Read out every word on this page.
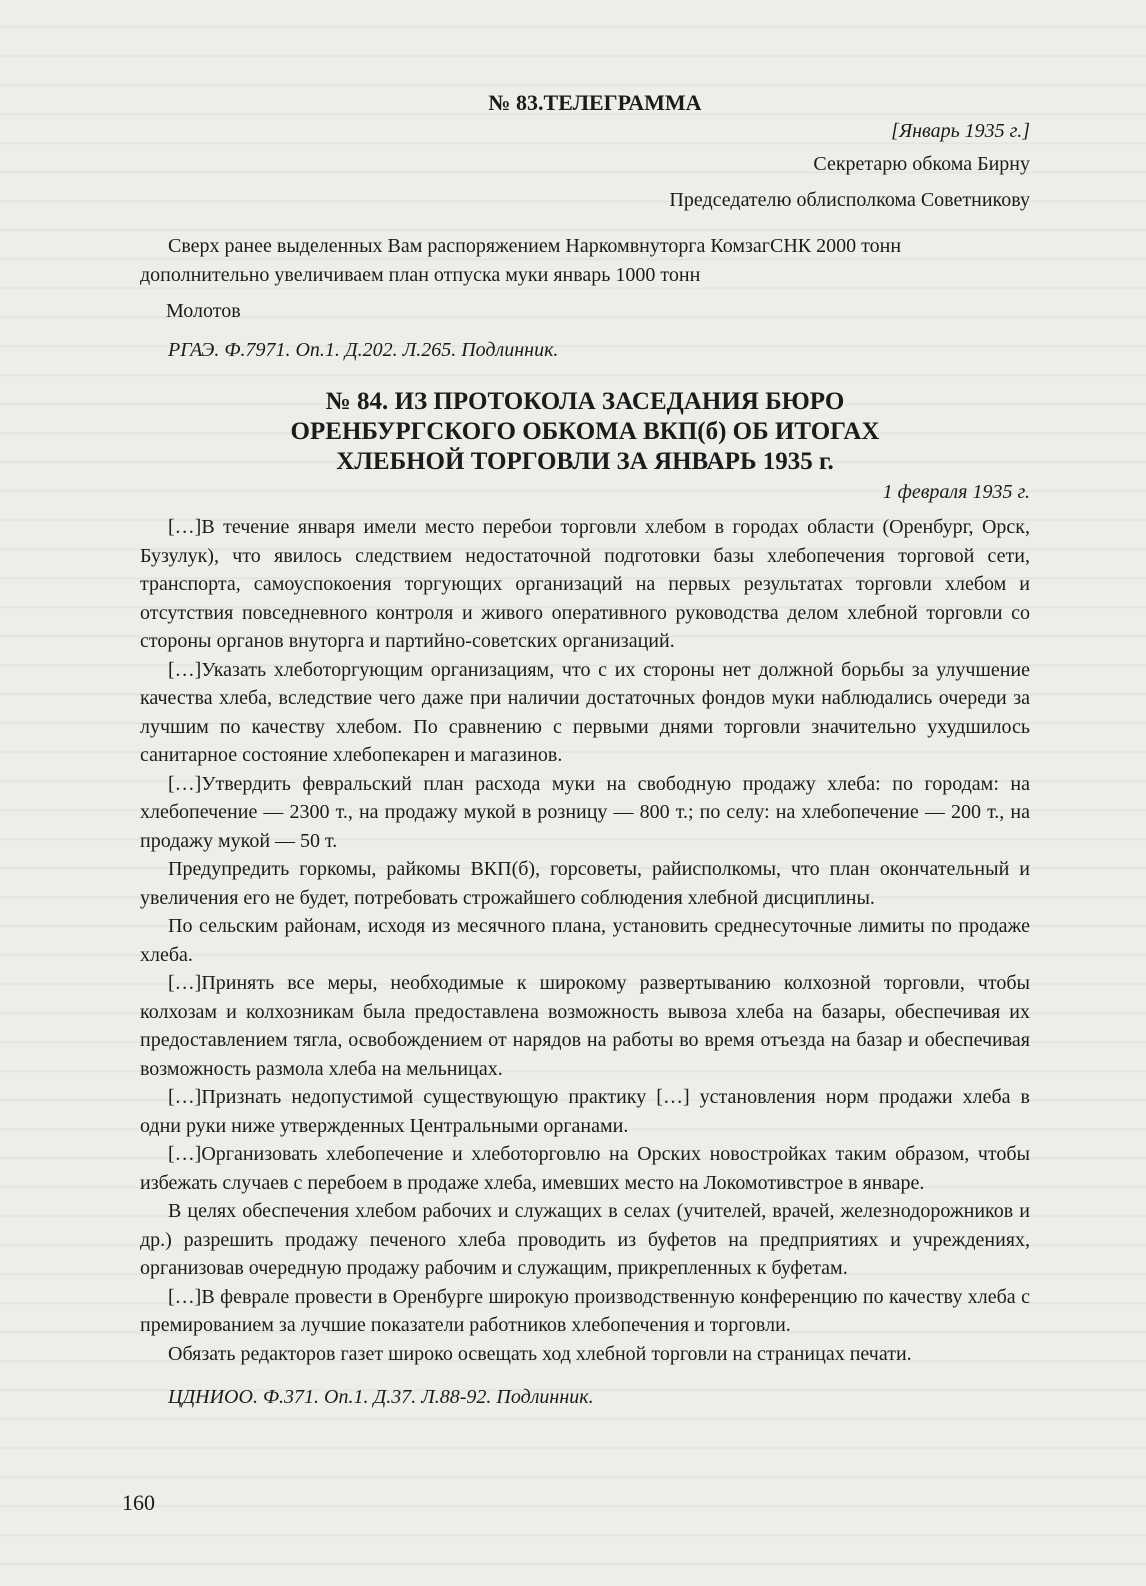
№ 83.ТЕЛЕГРАММА

[Январь 1935 г.]

Секретарю обкома Бирну

Председателю облисполкома Советникову

Сверх ранее выделенных Вам распоряжением Наркомвнуторга КомзагСНК 2000 тонн

дополнительно увеличиваем план отпуска муки январь 1000 тонн

Молотов

РГАЭ. Ф.7971. Оп.1. Д.202. Л.265. Подлинник.

№ 84. ИЗ ПРОТОКОЛА ЗАСЕДАНИЯ БЮРО
ОРЕНБУРГСКОГО ОБКОМА ВКП(б) ОБ ИТОГАХ
ХЛЕБНОЙ ТОРГОВЛИ ЗА ЯНВАРЬ 1935 г.

1 февраля 1935 г.

[…]В течение января имели место перебои торговли хлебом в городах области (Оренбург, Орск, Бузулук), что явилось следствием недостаточной подготовки базы хлебопечения торговой сети, транспорта, самоуспокоения торгующих организаций на первых результатах торговли хлебом и отсутствия повседневного контроля и живого оперативного руководства делом хлебной торговли со стороны органов внуторга и партийно-советских организаций.

[…]Указать хлеботоргующим организациям, что с их стороны нет должной борьбы за улучшение качества хлеба, вследствие чего даже при наличии достаточных фондов муки наблюдались очереди за лучшим по качеству хлебом. По сравнению с первыми днями торговли значительно ухудшилось санитарное состояние хлебопекарен и магазинов.

[…]Утвердить февральский план расхода муки на свободную продажу хлеба: по городам: на хлебопечение — 2300 т., на продажу мукой в розницу — 800 т.; по селу: на хлебопечение — 200 т., на продажу мукой — 50 т.

Предупредить горкомы, райкомы ВКП(б), горсоветы, райисполкомы, что план окончательный и увеличения его не будет, потребовать строжайшего соблюдения хлебной дисциплины.

По сельским районам, исходя из месячного плана, установить среднесуточные лимиты по продаже хлеба.

[…]Принять все меры, необходимые к широкому развертыванию колхозной торговли, чтобы колхозам и колхозникам была предоставлена возможность вывоза хлеба на базары, обеспечивая их предоставлением тягла, освобождением от нарядов на работы во время отъезда на базар и обеспечивая возможность размола хлеба на мельницах.

[…]Признать недопустимой существующую практику […] установления норм продажи хлеба в одни руки ниже утвержденных Центральными органами.

[…]Организовать хлебопечение и хлеботорговлю на Орских новостройках таким образом, чтобы избежать случаев с перебоем в продаже хлеба, имевших место на Локомотивстрое в январе.

В целях обеспечения хлебом рабочих и служащих в селах (учителей, врачей, железнодорожников и др.) разрешить продажу печеного хлеба проводить из буфетов на предприятиях и учреждениях, организовав очередную продажу рабочим и служащим, прикрепленных к буфетам.

[…]В феврале провести в Оренбурге широкую производственную конференцию по качеству хлеба с премированием за лучшие показатели работников хлебопечения и торговли.

Обязать редакторов газет широко освещать ход хлебной торговли на страницах печати.

ЦДНИОО. Ф.371. Оп.1. Д.37. Л.88-92. Подлинник.

160
